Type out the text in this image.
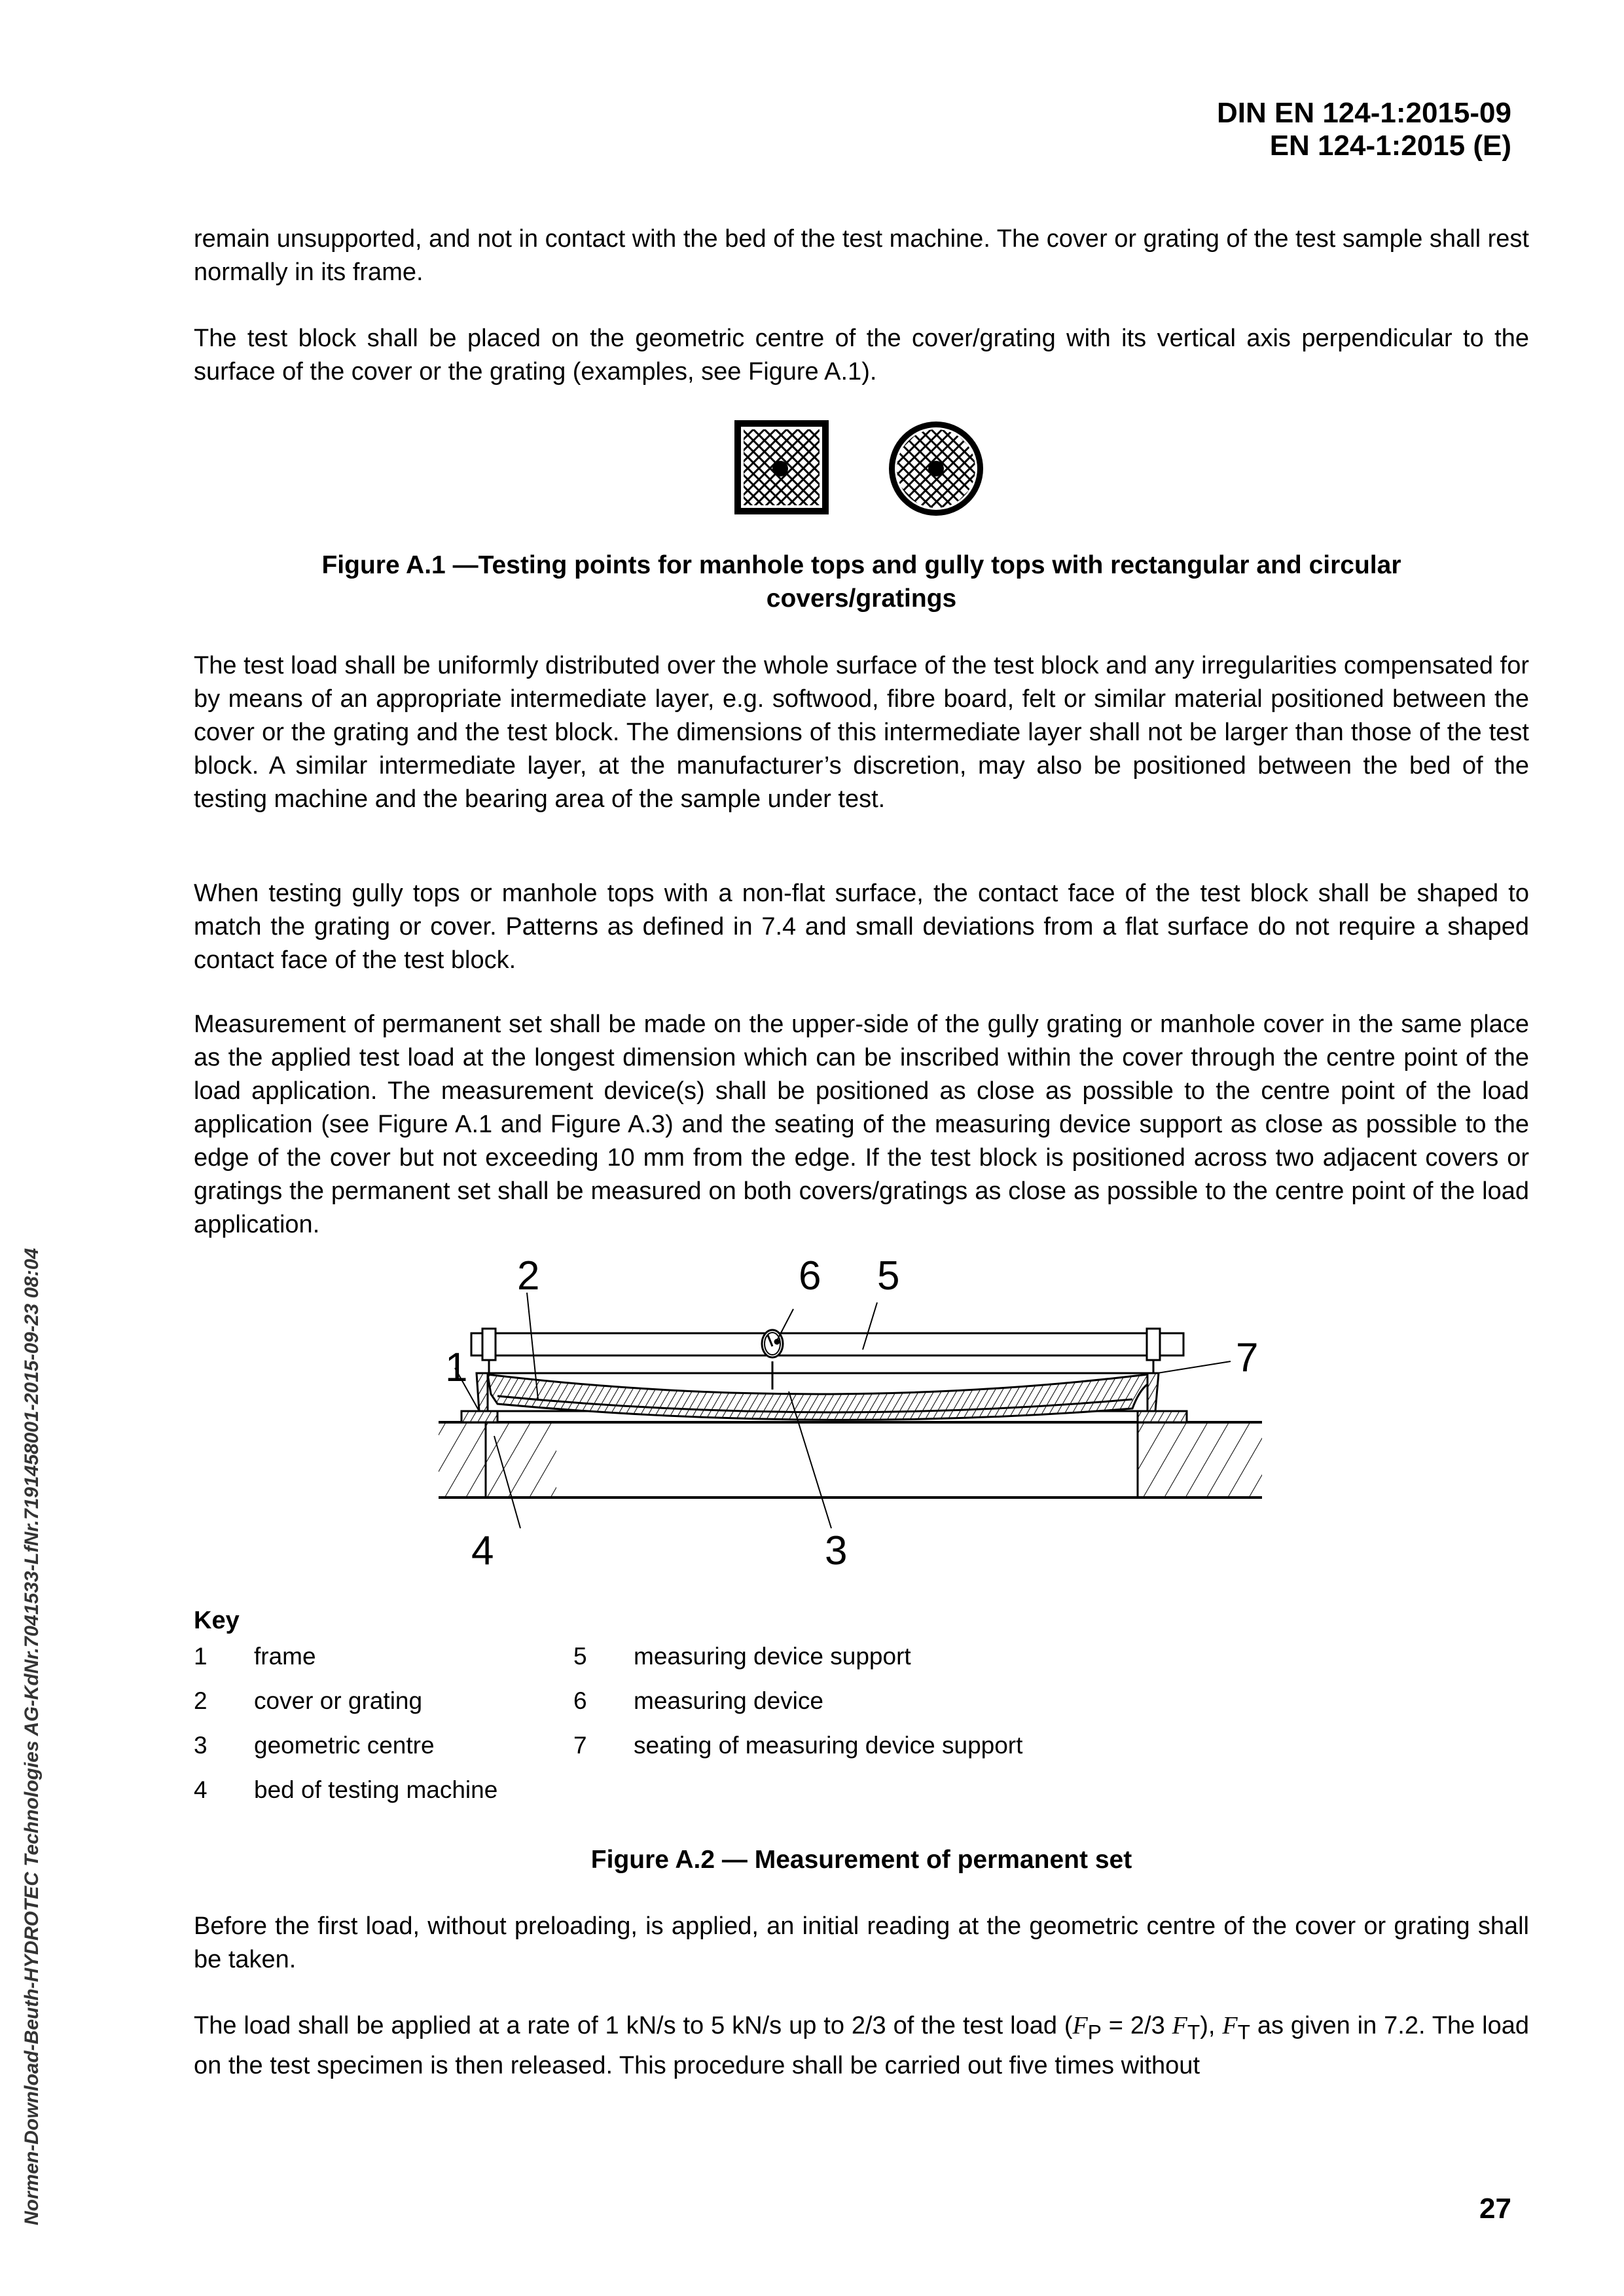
DIN EN 124-1:2015-09
EN 124-1:2015 (E)
Normen-Download-Beuth-HYDROTEC Technologies AG-KdNr.7041533-LfNr.7191458001-2015-09-23 08:04
remain unsupported, and not in contact with the bed of the test machine. The cover or grating of the test sample shall rest normally in its frame.
The test block shall be placed on the geometric centre of the cover/grating with its vertical axis perpendicular to the surface of the cover or the grating (examples, see Figure A.1).
Figure A.1 —Testing points for manhole tops and gully tops with rectangular and circular
covers/gratings
The test load shall be uniformly distributed over the whole surface of the test block and any irregularities compensated for by means of an appropriate intermediate layer, e.g. softwood, fibre board, felt or similar material positioned between the cover or the grating and the test block. The dimensions of this intermediate layer shall not be larger than those of the test block. A similar intermediate layer, at the manufacturer’s discretion, may also be positioned between the bed of the testing machine and the bearing area of the sample under test.
When testing gully tops or manhole tops with a non-flat surface, the contact face of the test block shall be shaped to match the grating or cover. Patterns as defined in 7.4 and small deviations from a flat surface do not require a shaped contact face of the test block.
Measurement of permanent set shall be made on the upper-side of the gully grating or manhole cover in the same place as the applied test load at the longest dimension which can be inscribed within the cover through the centre point of the load application. The measurement device(s) shall be positioned as close as possible to the centre point of the load application (see Figure A.1 and Figure A.3) and the seating of the measuring device support as close as possible to the edge of the cover but not exceeding 10 mm from the edge. If the test block is positioned across two adjacent covers or gratings the permanent set shall be measured on both covers/gratings as close as possible to the centre point of the load application.
1
2
3
4
5
6
7
Key
1	frame
2	cover or grating
3	geometric centre
4	bed of testing machine
5	measuring device support
6	measuring device
7	seating of measuring device support
Figure A.2 — Measurement of permanent set
Before the first load, without preloading, is applied, an initial reading at the geometric centre of the cover or grating shall be taken.
The load shall be applied at a rate of 1 kN/s to 5 kN/s up to 2/3 of the test load ($F_P = 2/3$ $F_T$), $F_T$ as given in 7.2. The load on the test specimen is then released. This procedure shall be carried out five times without
27
